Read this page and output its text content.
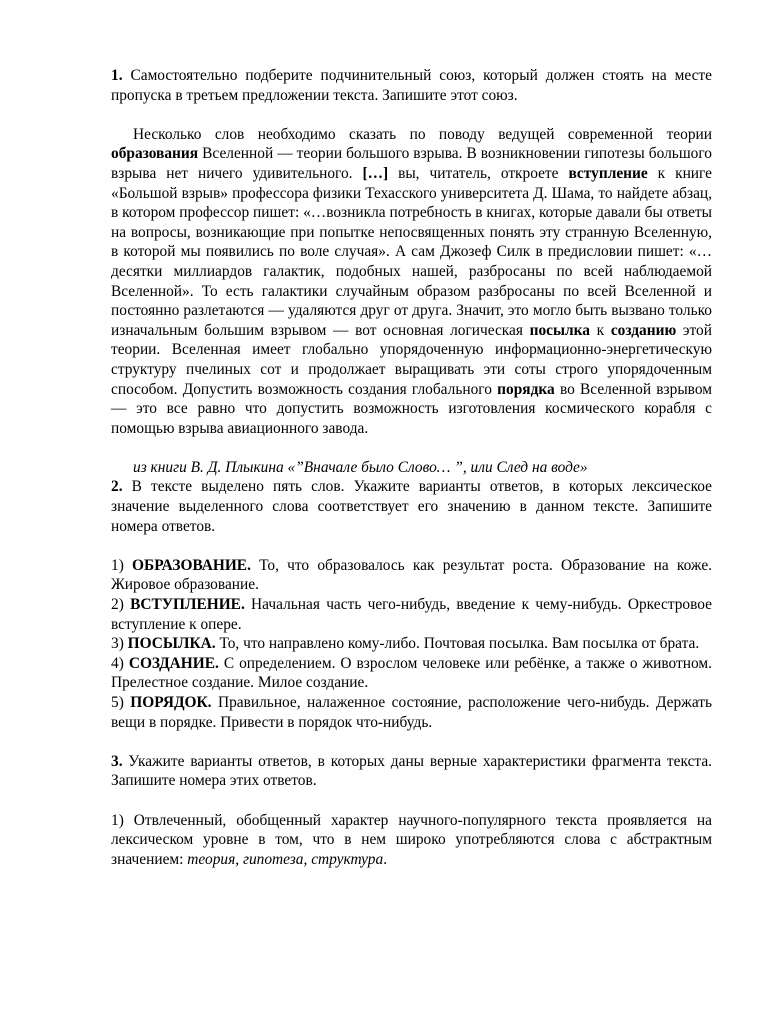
1. Самостоятельно подберите подчинительный союз, который должен стоять на месте пропуска в третьем предложении текста. Запишите этот союз.

Несколько слов необходимо сказать по поводу ведущей современной теории образования Вселенной — теории большого взрыва. В возникновении гипотезы большого взрыва нет ничего удивительного. […] вы, читатель, откроете вступление к книге «Большой взрыв» профессора физики Техасского университета Д. Шама, то найдете абзац, в котором профессор пишет: «…возникла потребность в книгах, которые давали бы ответы на вопросы, возникающие при попытке непосвященных понять эту странную Вселенную, в которой мы появились по воле случая». А сам Джозеф Силк в предисловии пишет: «…десятки миллиардов галактик, подобных нашей, разбросаны по всей наблюдаемой Вселенной». То есть галактики случайным образом разбросаны по всей Вселенной и постоянно разлетаются — удаляются друг от друга. Значит, это могло быть вызвано только изначальным большим взрывом — вот основная логическая посылка к созданию этой теории. Вселенная имеет глобально упорядоченную информационно-энергетическую структуру пчелиных сот и продолжает выращивать эти соты строго упорядоченным способом. Допустить возможность создания глобального порядка во Вселенной взрывом — это все равно что допустить возможность изготовления космического корабля с помощью взрыва авиационного завода.

из книги В. Д. Плыкина «”Вначале было Слово… ”, или След на воде»

2. В тексте выделено пять слов. Укажите варианты ответов, в которых лексическое значение выделенного слова соответствует его значению в данном тексте. Запишите номера ответов.

1) ОБРАЗОВАНИЕ. То, что образовалось как результат роста. Образование на коже. Жировое образование.

2) ВСТУПЛЕНИЕ. Начальная часть чего-нибудь, введение к чему-нибудь. Оркестровое вступление к опере.

3) ПОСЫЛКА. То, что направлено кому-либо. Почтовая посылка. Вам посылка от брата.

4) СОЗДАНИЕ. С определением. О взрослом человеке или ребёнке, а также о животном. Прелестное создание. Милое создание.

5) ПОРЯДОК. Правильное, налаженное состояние, расположение чего-нибудь. Держать вещи в порядке. Привести в порядок что-нибудь.

3. Укажите варианты ответов, в которых даны верные характеристики фрагмента текста. Запишите номера этих ответов.

1) Отвлеченный, обобщенный характер научного-популярного текста проявляется на лексическом уровне в том, что в нем широко употребляются слова с абстрактным значением: теория, гипотеза, структура.
